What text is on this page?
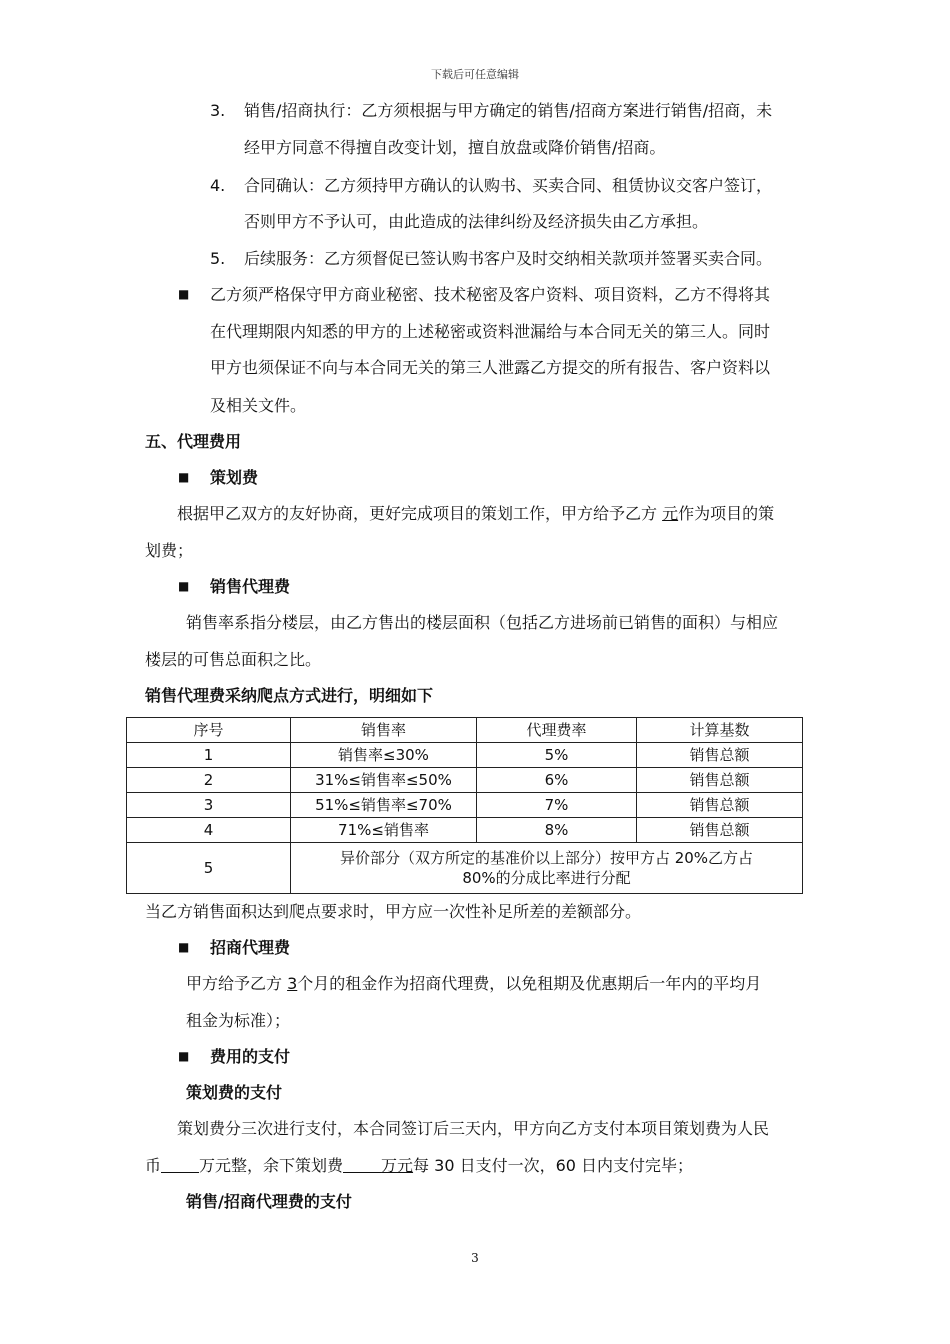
下载后可任意编辑
3. 销售/招商执行：乙方须根据与甲方确定的销售/招商方案进行销售/招商，未
经甲方同意不得擅自改变计划，擅自放盘或降价销售/招商。
4. 合同确认：乙方须持甲方确认的认购书、买卖合同、租赁协议交客户签订，
否则甲方不予认可，由此造成的法律纠纷及经济损失由乙方承担。
5. 后续服务：乙方须督促已签认购书客户及时交纳相关款项并签署买卖合同。
■ 乙方须严格保守甲方商业秘密、技术秘密及客户资料、项目资料，乙方不得将其
在代理期限内知悉的甲方的上述秘密或资料泄漏给与本合同无关的第三人。同时
甲方也须保证不向与本合同无关的第三人泄露乙方提交的所有报告、客户资料以
及相关文件。
五、代理费用
■ 策划费
根据甲乙双方的友好协商，更好完成项目的策划工作，甲方给予乙方 元作为项目的策
划费；
■ 销售代理费
销售率系指分楼层，由乙方售出的楼层面积（包括乙方进场前已销售的面积）与相应
楼层的可售总面积之比。
销售代理费采纳爬点方式进行，明细如下
序号	销售率	代理费率	计算基数
1	销售率≤30%	5%	销售总额
2	31%≤销售率≤50%	6%	销售总额
3	51%≤销售率≤70%	7%	销售总额
4	71%≤销售率	8%	销售总额
5	异价部分（双方所定的基准价以上部分）按甲方占 20%乙方占
80%的分成比率进行分配		
当乙方销售面积达到爬点要求时，甲方应一次性补足所差的差额部分。
■ 招商代理费
甲方给予乙方 3个月的租金作为招商代理费，以免租期及优惠期后一年内的平均月
租金为标准）；
■ 费用的支付
策划费的支付
策划费分三次进行支付，本合同签订后三天内，甲方向乙方支付本项目策划费为人民
币 万元整，余下策划费 万元每 30 日支付一次，60 日内支付完毕；
销售/招商代理费的支付
3
